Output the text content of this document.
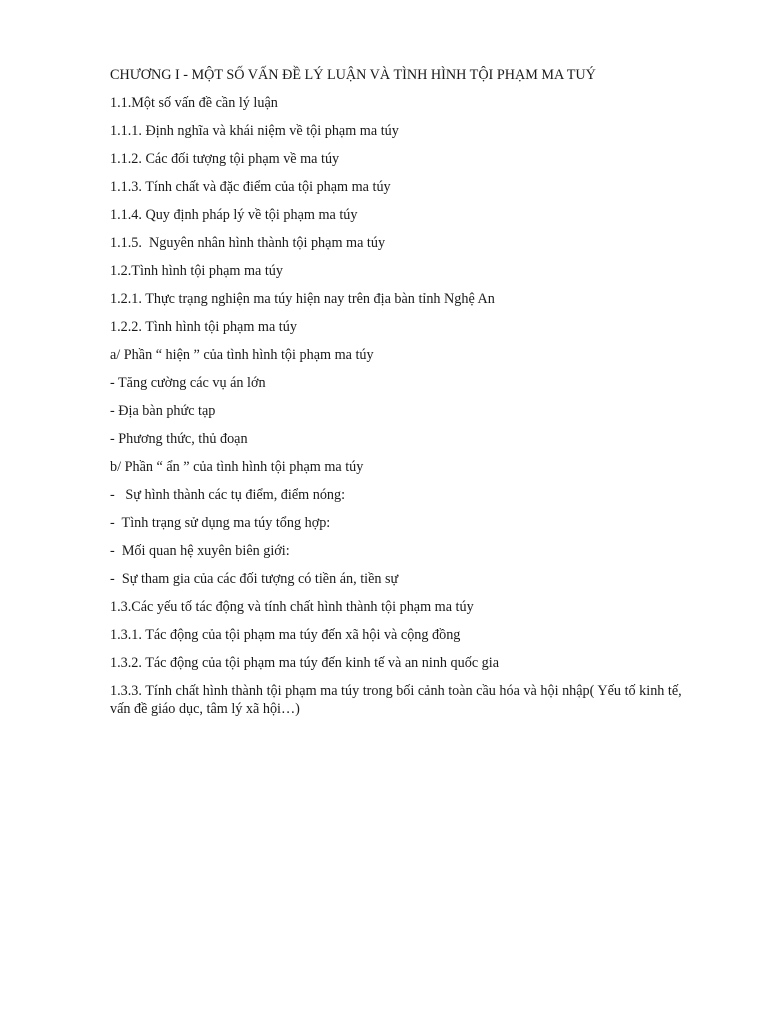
CHƯƠNG I - MỘT SỐ VẤN ĐỀ LÝ LUẬN VÀ TÌNH HÌNH TỘI PHẠM MA TUÝ

1.1.Một số vấn đề cần lý luận

1.1.1. Định nghĩa và khái niệm về tội phạm ma túy

1.1.2. Các đối tượng tội phạm về ma túy

1.1.3. Tính chất và đặc điểm của tội phạm ma túy

1.1.4. Quy định pháp lý về tội phạm ma túy

1.1.5.  Nguyên nhân hình thành tội phạm ma túy

1.2.Tình hình tội phạm ma túy

1.2.1. Thực trạng nghiện ma túy hiện nay trên địa bàn tỉnh Nghệ An

1.2.2. Tình hình tội phạm ma túy

a/ Phần “ hiện ” của tình hình tội phạm ma túy

- Tăng cường các vụ án lớn

- Địa bàn phức tạp

- Phương thức, thủ đoạn

b/ Phần “ ẩn ” của tình hình tội phạm ma túy

-   Sự hình thành các tụ điểm, điểm nóng:

-  Tình trạng sử dụng ma túy tổng hợp:

-  Mối quan hệ xuyên biên giới:

-  Sự tham gia của các đối tượng có tiền án, tiền sự

1.3.Các yếu tố tác động và tính chất hình thành tội phạm ma túy

1.3.1. Tác động của tội phạm ma túy đến xã hội và cộng đồng

1.3.2. Tác động của tội phạm ma túy đến kinh tế và an ninh quốc gia

1.3.3. Tính chất hình thành tội phạm ma túy trong bối cảnh toàn cầu hóa và hội nhập( Yếu tố kinh tế, vấn đề giáo dục, tâm lý xã hội…)
